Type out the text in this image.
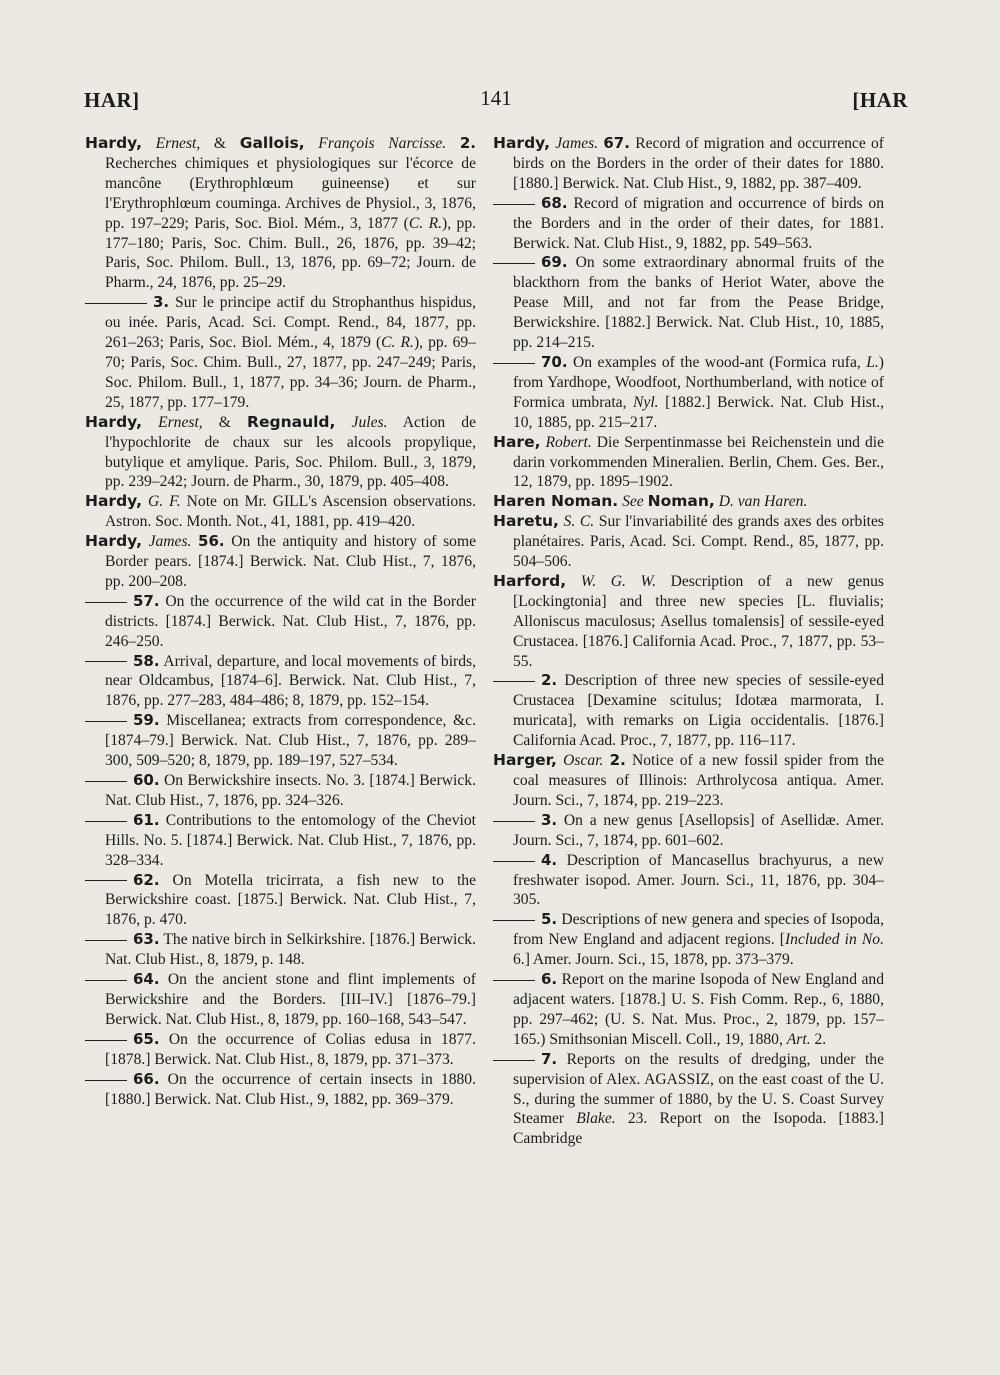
HAR]	141	[HAR

Hardy, Ernest, & Gallois, François Narcisse. 2. Recherches chimiques et physiologiques sur l'écorce de mancône (Erythrophlœum guineense) et sur l'Erythrophlœum couminga. Archives de Physiol., 3, 1876, pp. 197–229; Paris, Soc. Biol. Mém., 3, 1877 (C. R.), pp. 177–180; Paris, Soc. Chim. Bull., 26, 1876, pp. 39–42; Paris, Soc. Philom. Bull., 13, 1876, pp. 69–72; Journ. de Pharm., 24, 1876, pp. 25–29.

3. Sur le principe actif du Strophanthus hispidus, ou inée. Paris, Acad. Sci. Compt. Rend., 84, 1877, pp. 261–263; Paris, Soc. Biol. Mém., 4, 1879 (C. R.), pp. 69–70; Paris, Soc. Chim. Bull., 27, 1877, pp. 247–249; Paris, Soc. Philom. Bull., 1, 1877, pp. 34–36; Journ. de Pharm., 25, 1877, pp. 177–179.

Hardy, Ernest, & Regnauld, Jules. Action de l'hypochlorite de chaux sur les alcools propylique, butylique et amylique. Paris, Soc. Philom. Bull., 3, 1879, pp. 239–242; Journ. de Pharm., 30, 1879, pp. 405–408.

Hardy, G. F. Note on Mr. GILL's Ascension observations. Astron. Soc. Month. Not., 41, 1881, pp. 419–420.

Hardy, James. 56. On the antiquity and history of some Border pears. [1874.] Berwick. Nat. Club Hist., 7, 1876, pp. 200–208.

57. On the occurrence of the wild cat in the Border districts. [1874.] Berwick. Nat. Club Hist., 7, 1876, pp. 246–250.

58. Arrival, departure, and local movements of birds, near Oldcambus, [1874–6]. Berwick. Nat. Club Hist., 7, 1876, pp. 277–283, 484–486; 8, 1879, pp. 152–154.

59. Miscellanea; extracts from correspondence, &c. [1874–79.] Berwick. Nat. Club Hist., 7, 1876, pp. 289–300, 509–520; 8, 1879, pp. 189–197, 527–534.

60. On Berwickshire insects. No. 3. [1874.] Berwick. Nat. Club Hist., 7, 1876, pp. 324–326.

61. Contributions to the entomology of the Cheviot Hills. No. 5. [1874.] Berwick. Nat. Club Hist., 7, 1876, pp. 328–334.

62. On Motella tricirrata, a fish new to the Berwickshire coast. [1875.] Berwick. Nat. Club Hist., 7, 1876, p. 470.

63. The native birch in Selkirkshire. [1876.] Berwick. Nat. Club Hist., 8, 1879, p. 148.

64. On the ancient stone and flint implements of Berwickshire and the Borders. [III–IV.] [1876–79.] Berwick. Nat. Club Hist., 8, 1879, pp. 160–168, 543–547.

65. On the occurrence of Colias edusa in 1877. [1878.] Berwick. Nat. Club Hist., 8, 1879, pp. 371–373.

66. On the occurrence of certain insects in 1880. [1880.] Berwick. Nat. Club Hist., 9, 1882, pp. 369–379.

Hardy, James. 67. Record of migration and occurrence of birds on the Borders in the order of their dates for 1880. [1880.] Berwick. Nat. Club Hist., 9, 1882, pp. 387–409.

68. Record of migration and occurrence of birds on the Borders and in the order of their dates, for 1881. Berwick. Nat. Club Hist., 9, 1882, pp. 549–563.

69. On some extraordinary abnormal fruits of the blackthorn from the banks of Heriot Water, above the Pease Mill, and not far from the Pease Bridge, Berwickshire. [1882.] Berwick. Nat. Club Hist., 10, 1885, pp. 214–215.

70. On examples of the wood-ant (Formica rufa, L.) from Yardhope, Woodfoot, Northumberland, with notice of Formica umbrata, Nyl. [1882.] Berwick. Nat. Club Hist., 10, 1885, pp. 215–217.

Hare, Robert. Die Serpentinmasse bei Reichenstein und die darin vorkommenden Mineralien. Berlin, Chem. Ges. Ber., 12, 1879, pp. 1895–1902.

Haren Noman. See Noman, D. van Haren.

Haretu, S. C. Sur l'invariabilité des grands axes des orbites planétaires. Paris, Acad. Sci. Compt. Rend., 85, 1877, pp. 504–506.

Harford, W. G. W. Description of a new genus [Lockingtonia] and three new species [L. fluvialis; Alloniscus maculosus; Asellus tomalensis] of sessile-eyed Crustacea. [1876.] California Acad. Proc., 7, 1877, pp. 53–55.

2. Description of three new species of sessile-eyed Crustacea [Dexamine scitulus; Idotæa marmorata, I. muricata], with remarks on Ligia occidentalis. [1876.] California Acad. Proc., 7, 1877, pp. 116–117.

Harger, Oscar. 2. Notice of a new fossil spider from the coal measures of Illinois: Arthrolycosa antiqua. Amer. Journ. Sci., 7, 1874, pp. 219–223.

3. On a new genus [Asellopsis] of Asellidæ. Amer. Journ. Sci., 7, 1874, pp. 601–602.

4. Description of Mancasellus brachyurus, a new freshwater isopod. Amer. Journ. Sci., 11, 1876, pp. 304–305.

5. Descriptions of new genera and species of Isopoda, from New England and adjacent regions. [Included in No. 6.] Amer. Journ. Sci., 15, 1878, pp. 373–379.

6. Report on the marine Isopoda of New England and adjacent waters. [1878.] U. S. Fish Comm. Rep., 6, 1880, pp. 297–462; (U. S. Nat. Mus. Proc., 2, 1879, pp. 157–165.) Smithsonian Miscell. Coll., 19, 1880, Art. 2.

7. Reports on the results of dredging, under the supervision of Alex. AGASSIZ, on the east coast of the U. S., during the summer of 1880, by the U. S. Coast Survey Steamer Blake. 23. Report on the Isopoda. [1883.] Cambridge
